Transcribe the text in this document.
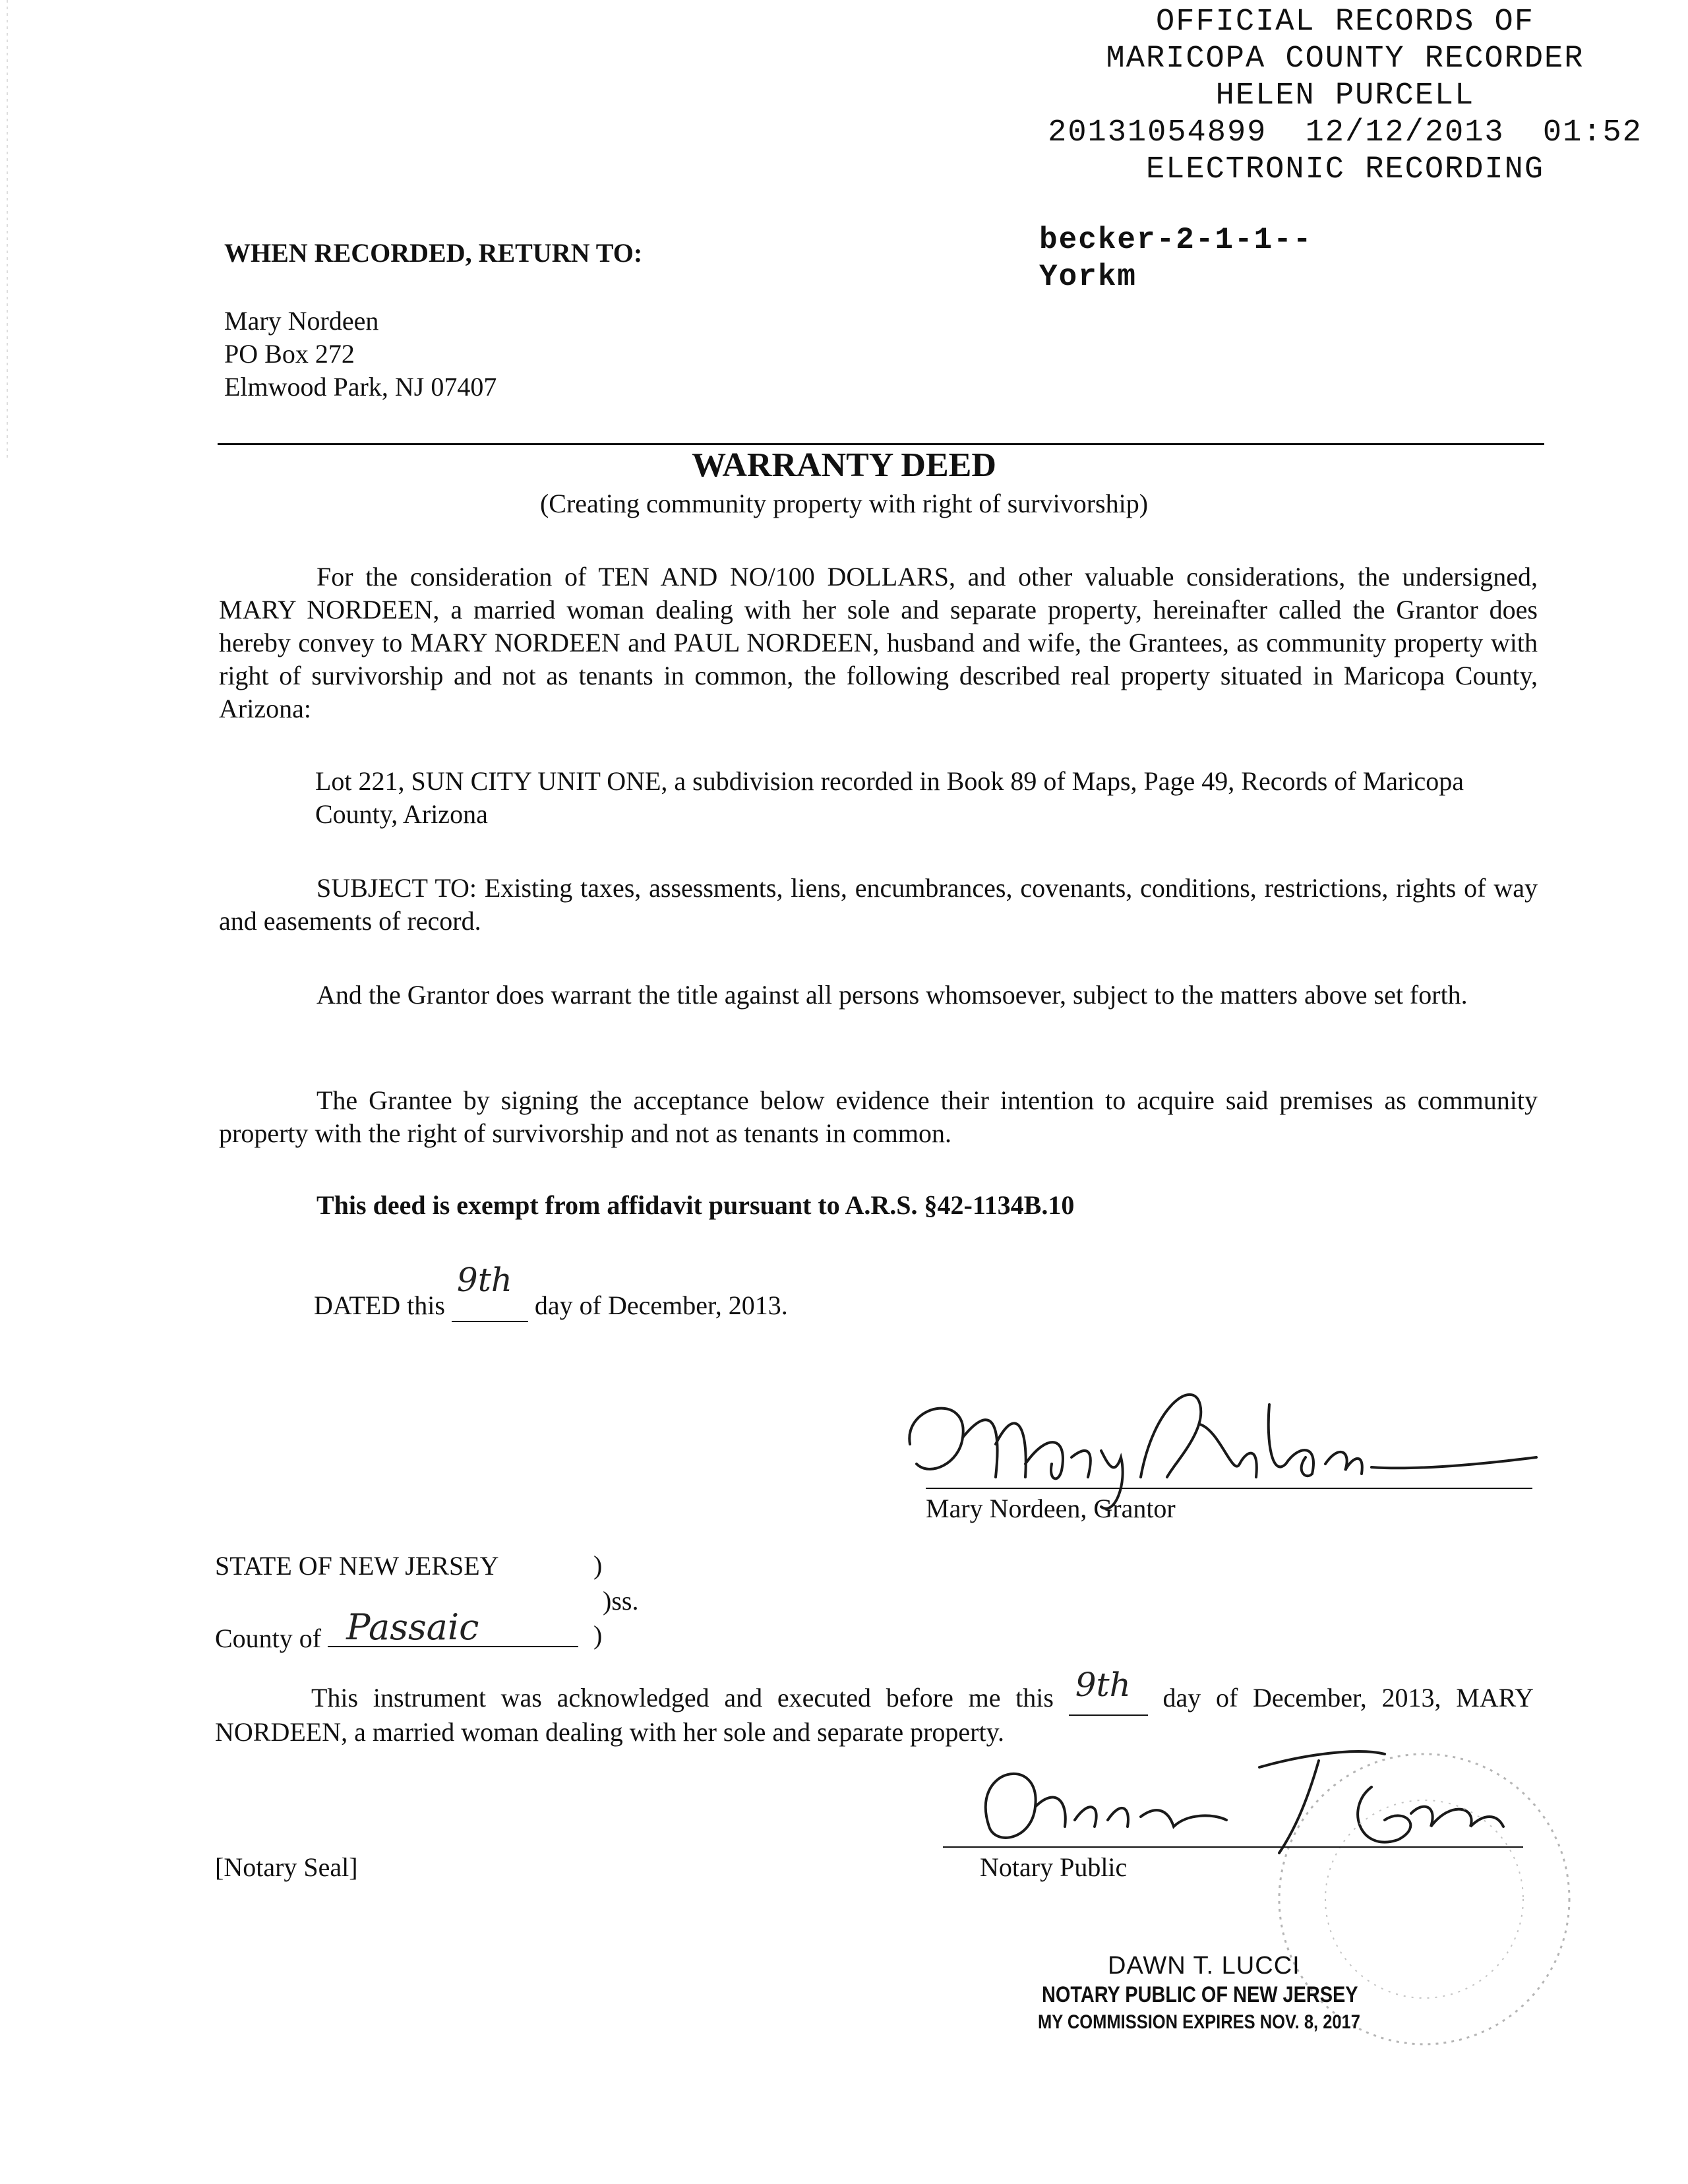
OFFICIAL RECORDS OF
MARICOPA COUNTY RECORDER
HELEN PURCELL
20131054899 12/12/2013 01:52
ELECTRONIC RECORDING
WHEN RECORDED, RETURN TO:	becker-2-1-1--
Yorkm
Mary Nordeen
PO Box 272
Elmwood Park, NJ 07407
WARRANTY DEED
(Creating community property with right of survivorship)
For the consideration of TEN AND NO/100 DOLLARS, and other valuable considerations, the undersigned, MARY NORDEEN, a married woman dealing with her sole and separate property, hereinafter called the Grantor does hereby convey to MARY NORDEEN and PAUL NORDEEN, husband and wife, the Grantees, as community property with right of survivorship and not as tenants in common, the following described real property situated in Maricopa County, Arizona:
Lot 221, SUN CITY UNIT ONE, a subdivision recorded in Book 89 of Maps, Page 49, Records of Maricopa County, Arizona
SUBJECT TO: Existing taxes, assessments, liens, encumbrances, covenants, conditions, restrictions, rights of way and easements of record.
And the Grantor does warrant the title against all persons whomsoever, subject to the matters above set forth.
The Grantee by signing the acceptance below evidence their intention to acquire said premises as community property with the right of survivorship and not as tenants in common.
This deed is exempt from affidavit pursuant to A.R.S. §42-1134B.10
DATED this
9th
day of December, 2013.
Mary Nordeen, Grantor
STATE OF NEW JERSEY	)
)ss.
County of Passaic	)
This instrument was acknowledged and executed before me this 9th day of December, 2013, MARY NORDEEN, a married woman dealing with her sole and separate property.
Notary Public
[Notary Seal]
DAWN T. LUCCI
NOTARY PUBLIC OF NEW JERSEY
MY COMMISSION EXPIRES NOV. 8, 2017
